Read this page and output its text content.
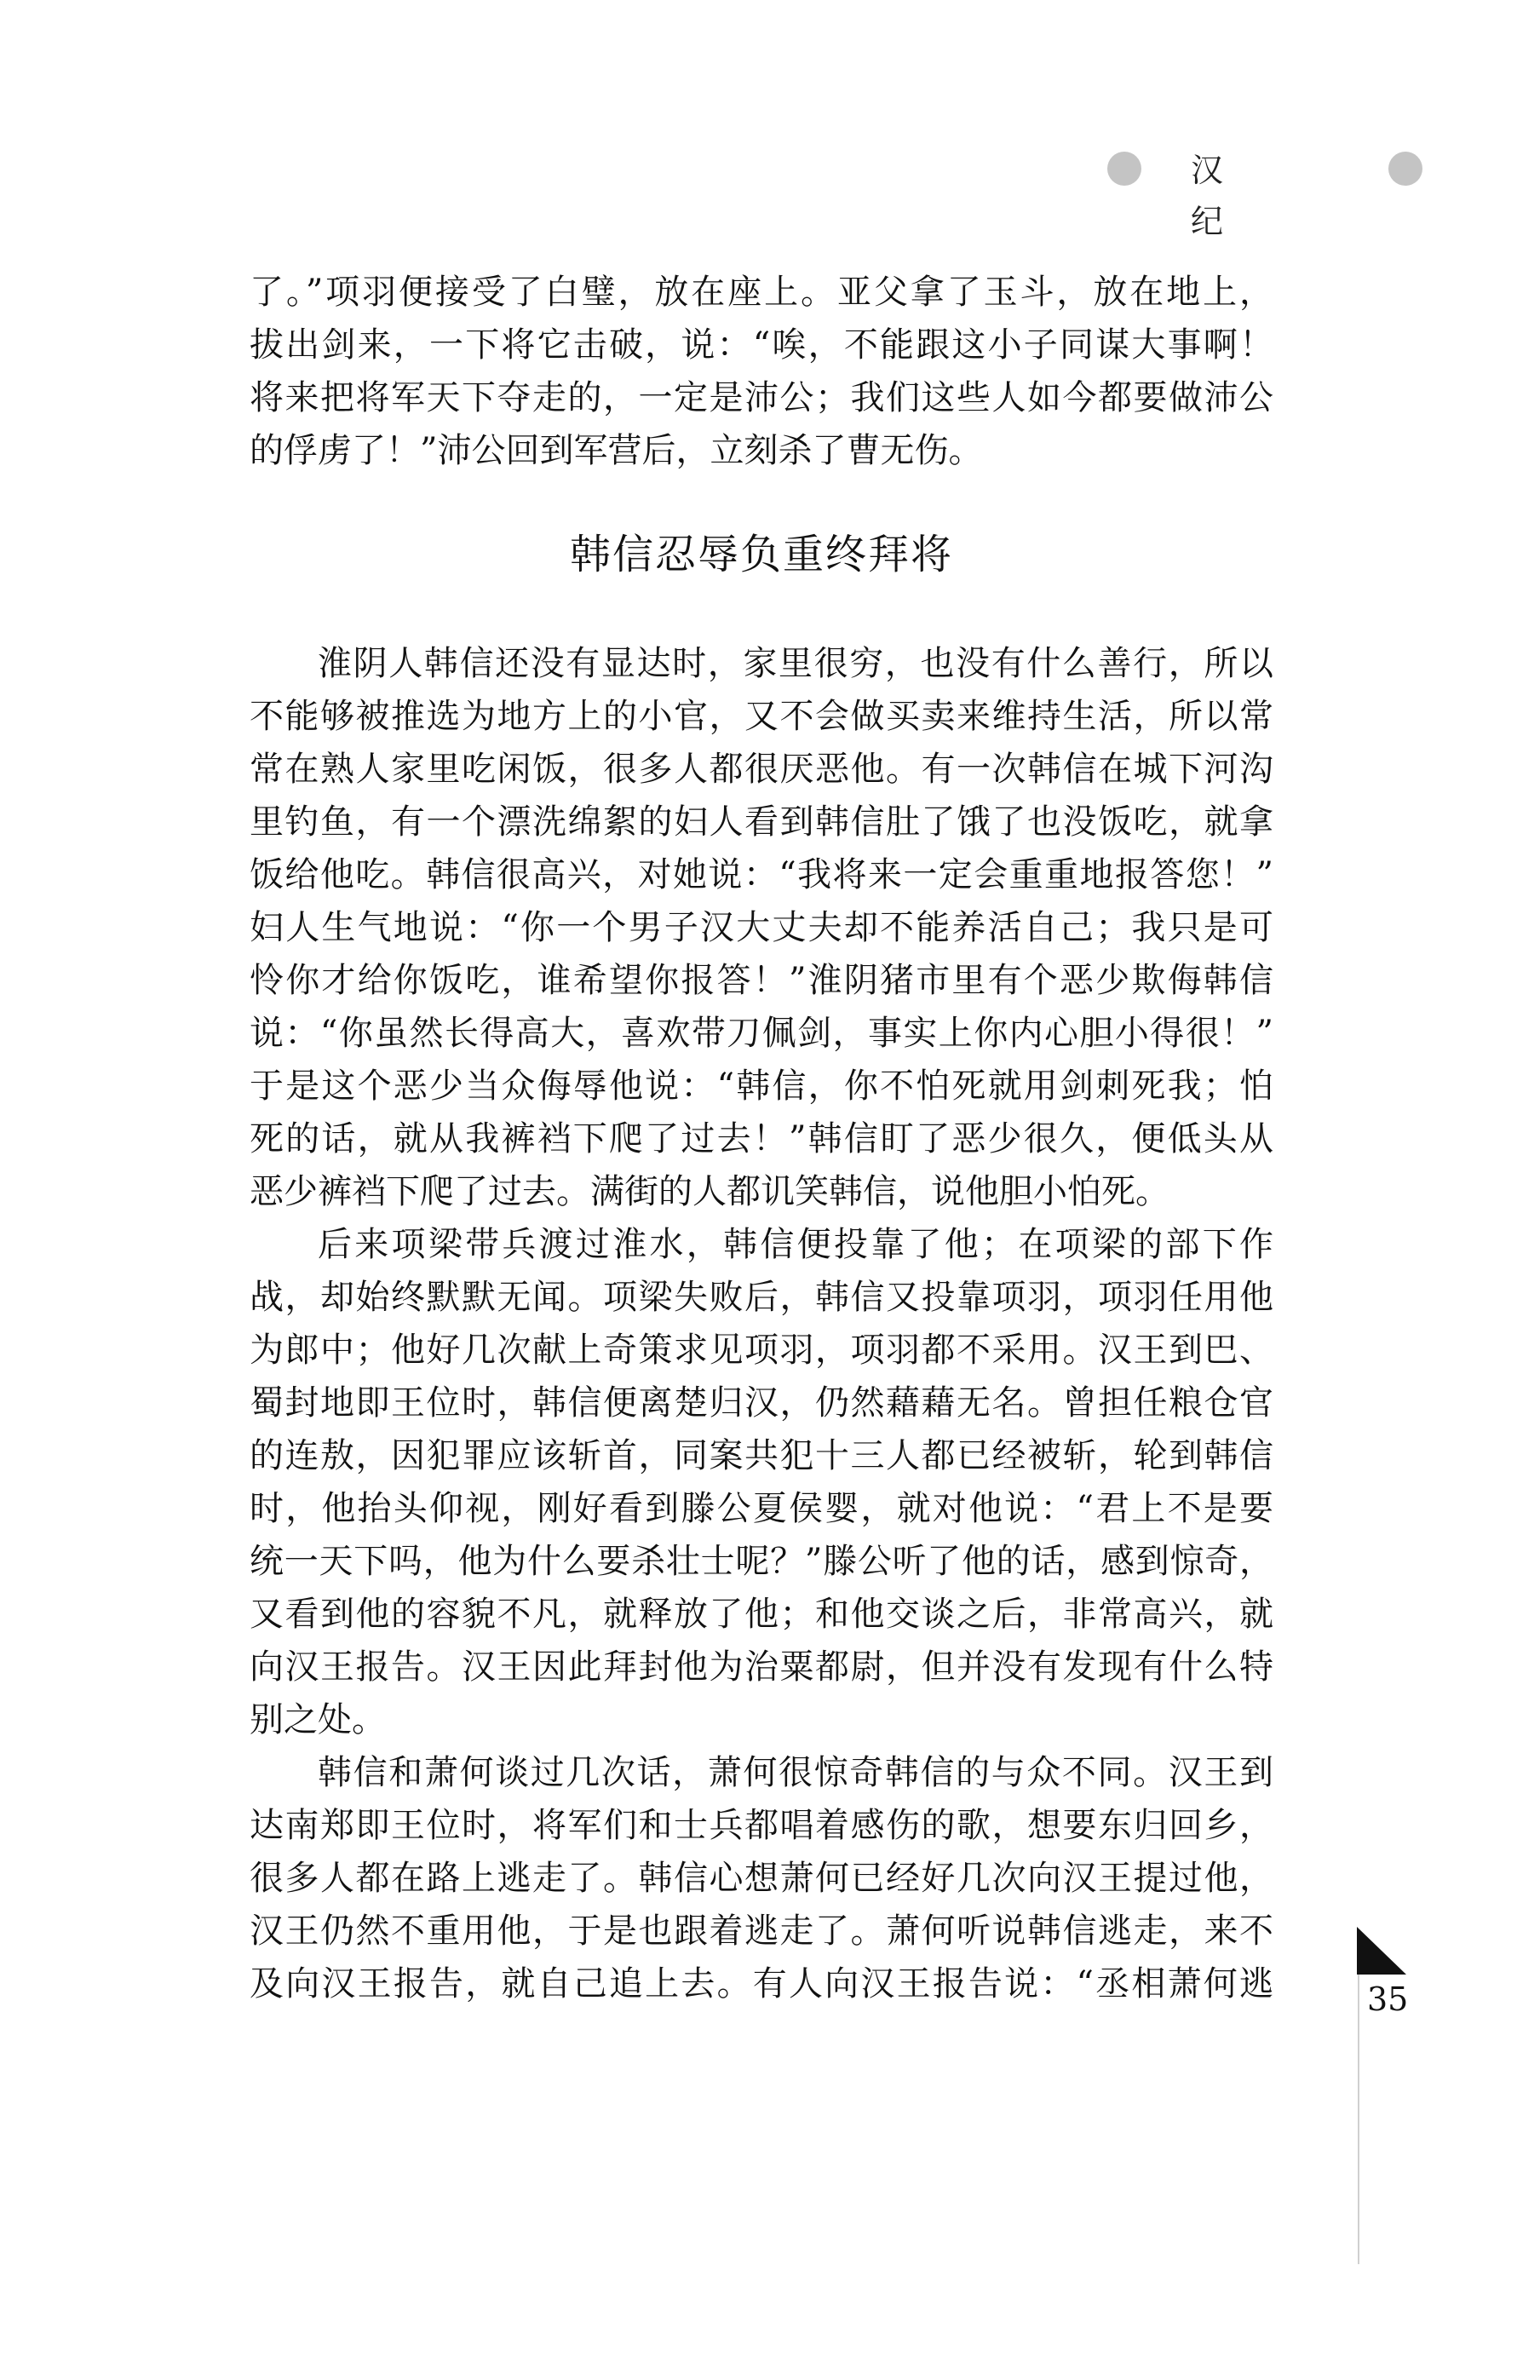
汉纪
了。”项羽便接受了白璧，放在座上。亚父拿了玉斗，放在地上，
拔出剑来，一下将它击破，说：“唉，不能跟这小子同谋大事啊！
将来把将军天下夺走的，一定是沛公；我们这些人如今都要做沛公
的俘虏了！”沛公回到军营后，立刻杀了曹无伤。
韩信忍辱负重终拜将
淮阴人韩信还没有显达时，家里很穷，也没有什么善行，所以
不能够被推选为地方上的小官，又不会做买卖来维持生活，所以常
常在熟人家里吃闲饭，很多人都很厌恶他。有一次韩信在城下河沟
里钓鱼，有一个漂洗绵絮的妇人看到韩信肚了饿了也没饭吃，就拿
饭给他吃。韩信很高兴，对她说：“我将来一定会重重地报答您！”
妇人生气地说：“你一个男子汉大丈夫却不能养活自己；我只是可
怜你才给你饭吃，谁希望你报答！”淮阴猪市里有个恶少欺侮韩信
说：“你虽然长得高大，喜欢带刀佩剑，事实上你内心胆小得很！”
于是这个恶少当众侮辱他说：“韩信，你不怕死就用剑刺死我；怕
死的话，就从我裤裆下爬了过去！”韩信盯了恶少很久，便低头从
恶少裤裆下爬了过去。满街的人都讥笑韩信，说他胆小怕死。
后来项梁带兵渡过淮水，韩信便投靠了他；在项梁的部下作
战，却始终默默无闻。项梁失败后，韩信又投靠项羽，项羽任用他
为郎中；他好几次献上奇策求见项羽，项羽都不采用。汉王到巴、
蜀封地即王位时，韩信便离楚归汉，仍然藉藉无名。曾担任粮仓官
的连敖，因犯罪应该斩首，同案共犯十三人都已经被斩，轮到韩信
时，他抬头仰视，刚好看到滕公夏侯婴，就对他说：“君上不是要
统一天下吗，他为什么要杀壮士呢？”滕公听了他的话，感到惊奇，
又看到他的容貌不凡，就释放了他；和他交谈之后，非常高兴，就
向汉王报告。汉王因此拜封他为治粟都尉，但并没有发现有什么特
别之处。
韩信和萧何谈过几次话，萧何很惊奇韩信的与众不同。汉王到
达南郑即王位时，将军们和士兵都唱着感伤的歌，想要东归回乡，
很多人都在路上逃走了。韩信心想萧何已经好几次向汉王提过他，
汉王仍然不重用他，于是也跟着逃走了。萧何听说韩信逃走，来不
及向汉王报告，就自己追上去。有人向汉王报告说：“丞相萧何逃	35
